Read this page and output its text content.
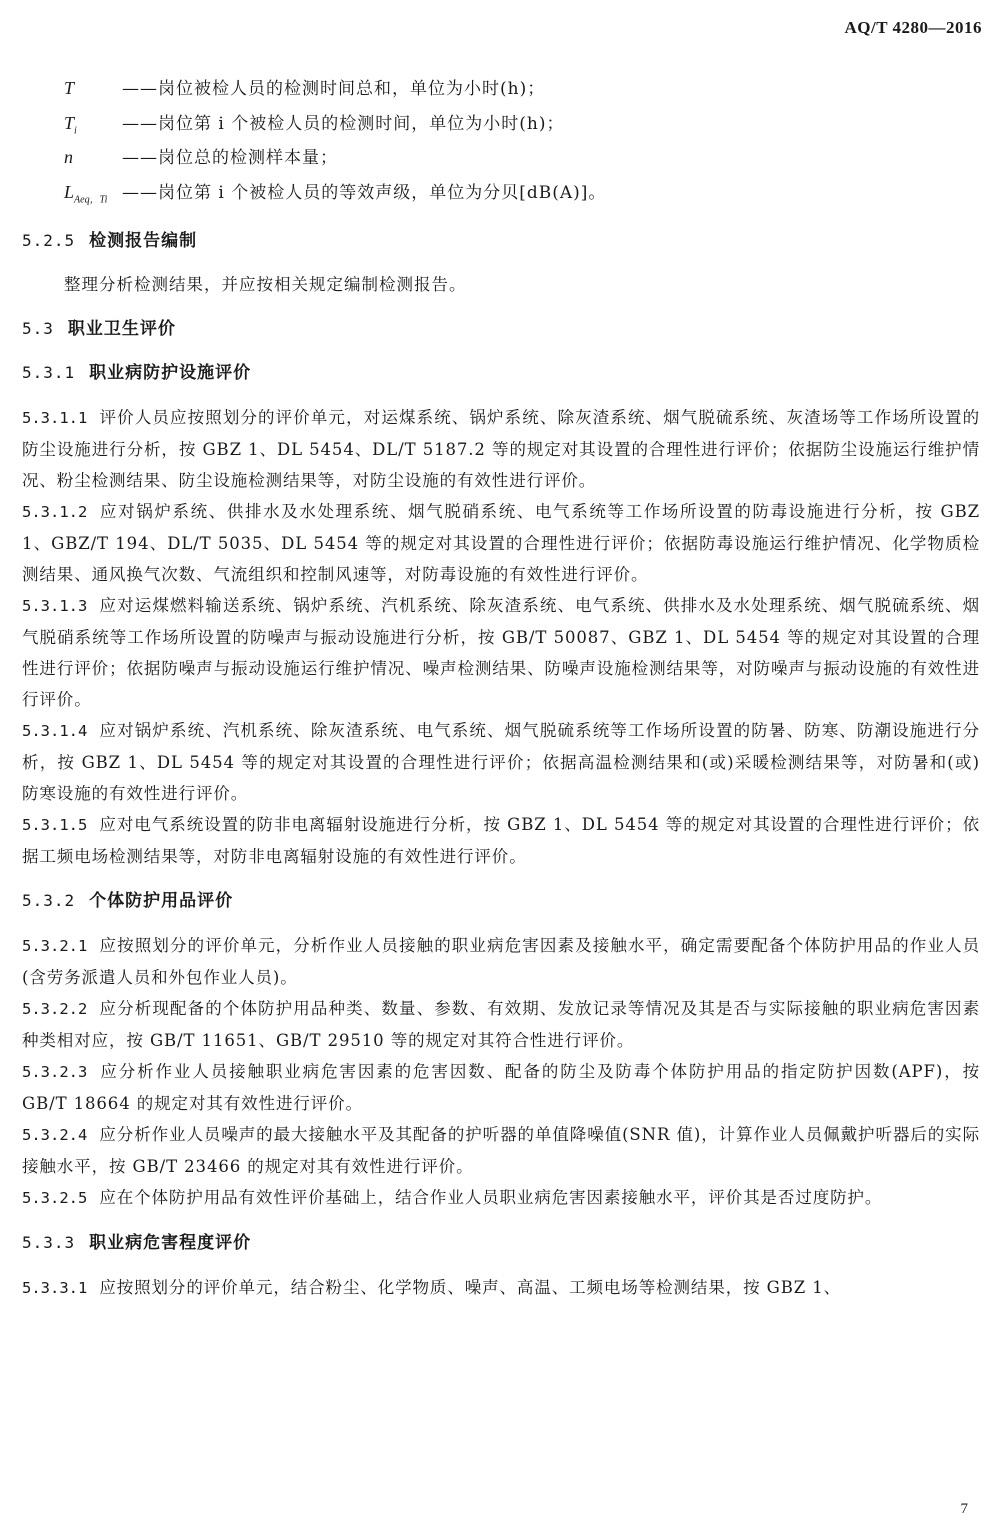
AQ/T 4280—2016
T	——岗位被检人员的检测时间总和，单位为小时(h)；
$T_i$	——岗位第 i 个被检人员的检测时间，单位为小时(h)；
n	——岗位总的检测样本量；
$L_{Aeq,Ti}$ ——岗位第 i 个被检人员的等效声级，单位为分贝[dB(A)]。
5.2.5 检测报告编制
整理分析检测结果，并应按相关规定编制检测报告。
5.3 职业卫生评价
5.3.1 职业病防护设施评价
5.3.1.1 评价人员应按照划分的评价单元，对运煤系统、锅炉系统、除灰渣系统、烟气脱硫系统、灰渣场等工作场所设置的防尘设施进行分析，按 GBZ 1、DL 5454、DL/T 5187.2 等的规定对其设置的合理性进行评价；依据防尘设施运行维护情况、粉尘检测结果、防尘设施检测结果等，对防尘设施的有效性进行评价。
5.3.1.2 应对锅炉系统、供排水及水处理系统、烟气脱硝系统、电气系统等工作场所设置的防毒设施进行分析，按 GBZ 1、GBZ/T 194、DL/T 5035、DL 5454 等的规定对其设置的合理性进行评价；依据防毒设施运行维护情况、化学物质检测结果、通风换气次数、气流组织和控制风速等，对防毒设施的有效性进行评价。
5.3.1.3 应对运煤燃料输送系统、锅炉系统、汽机系统、除灰渣系统、电气系统、供排水及水处理系统、烟气脱硫系统、烟气脱硝系统等工作场所设置的防噪声与振动设施进行分析，按 GB/T 50087、GBZ 1、DL 5454 等的规定对其设置的合理性进行评价；依据防噪声与振动设施运行维护情况、噪声检测结果、防噪声设施检测结果等，对防噪声与振动设施的有效性进行评价。
5.3.1.4 应对锅炉系统、汽机系统、除灰渣系统、电气系统、烟气脱硫系统等工作场所设置的防暑、防寒、防潮设施进行分析，按 GBZ 1、DL 5454 等的规定对其设置的合理性进行评价；依据高温检测结果和(或)采暖检测结果等，对防暑和(或)防寒设施的有效性进行评价。
5.3.1.5 应对电气系统设置的防非电离辐射设施进行分析，按 GBZ 1、DL 5454 等的规定对其设置的合理性进行评价；依据工频电场检测结果等，对防非电离辐射设施的有效性进行评价。
5.3.2 个体防护用品评价
5.3.2.1 应按照划分的评价单元，分析作业人员接触的职业病危害因素及接触水平，确定需要配备个体防护用品的作业人员(含劳务派遣人员和外包作业人员)。
5.3.2.2 应分析现配备的个体防护用品种类、数量、参数、有效期、发放记录等情况及其是否与实际接触的职业病危害因素种类相对应，按 GB/T 11651、GB/T 29510 等的规定对其符合性进行评价。
5.3.2.3 应分析作业人员接触职业病危害因素的危害因数、配备的防尘及防毒个体防护用品的指定防护因数(APF)，按 GB/T 18664 的规定对其有效性进行评价。
5.3.2.4 应分析作业人员噪声的最大接触水平及其配备的护听器的单值降噪值(SNR 值)，计算作业人员佩戴护听器后的实际接触水平，按 GB/T 23466 的规定对其有效性进行评价。
5.3.2.5 应在个体防护用品有效性评价基础上，结合作业人员职业病危害因素接触水平，评价其是否过度防护。
5.3.3 职业病危害程度评价
5.3.3.1 应按照划分的评价单元，结合粉尘、化学物质、噪声、高温、工频电场等检测结果，按 GBZ 1、
7
